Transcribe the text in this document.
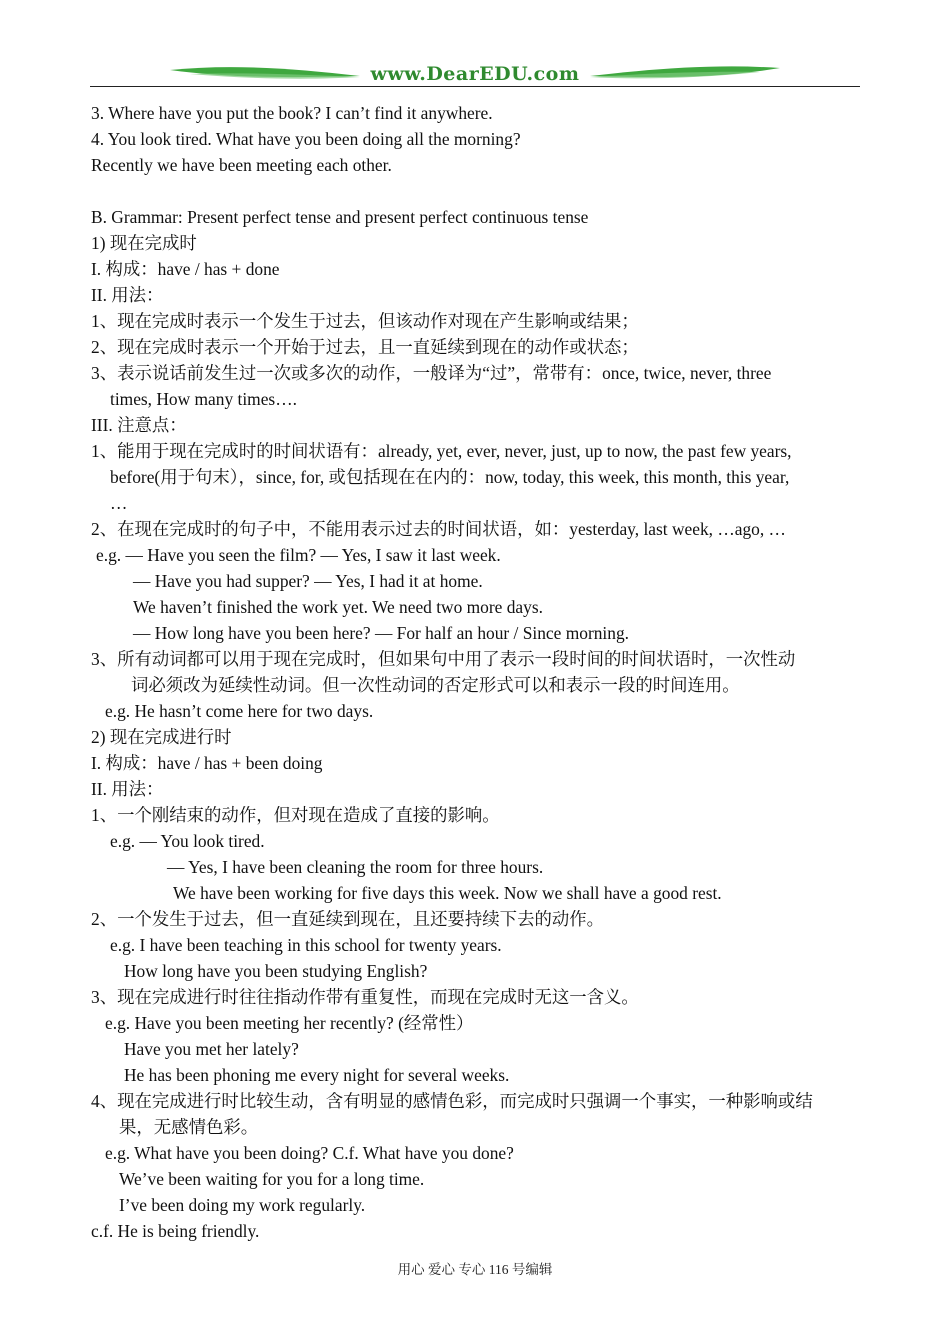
www.DearEDU.com
3. Where have you put the book? I can’t find it anywhere.
4. You look tired. What have you been doing all the morning?
Recently we have been meeting each other.
B. Grammar: Present perfect tense and present perfect continuous tense
1) 现在完成时
I. 构成：have / has + done
II. 用法：
1、现在完成时表示一个发生于过去，但该动作对现在产生影响或结果；
2、现在完成时表示一个开始于过去，且一直延续到现在的动作或状态；
3、表示说话前发生过一次或多次的动作，一般译为“过”，常带有：once, twice, never, three
times, How many times….
III. 注意点：
1、能用于现在完成时的时间状语有：already, yet, ever, never, just, up to now, the past few years,
before(用于句末），since, for, 或包括现在在内的：now, today, this week, this month, this year,
…
2、在现在完成时的句子中，不能用表示过去的时间状语，如：yesterday, last week, …ago, …
e.g. — Have you seen the film? — Yes, I saw it last week.
— Have you had supper? — Yes, I had it at home.
We haven’t finished the work yet. We need two more days.
— How long have you been here? — For half an hour / Since morning.
3、所有动词都可以用于现在完成时，但如果句中用了表示一段时间的时间状语时，一次性动
词必须改为延续性动词。但一次性动词的否定形式可以和表示一段的时间连用。
e.g. He hasn’t come here for two days.
2) 现在完成进行时
I. 构成：have / has + been doing
II. 用法：
1、一个刚结束的动作，但对现在造成了直接的影响。
e.g. — You look tired.
— Yes, I have been cleaning the room for three hours.
We have been working for five days this week. Now we shall have a good rest.
2、一个发生于过去，但一直延续到现在，且还要持续下去的动作。
e.g. I have been teaching in this school for twenty years.
How long have you been studying English?
3、现在完成进行时往往指动作带有重复性，而现在完成时无这一含义。
e.g. Have you been meeting her recently? (经常性）
Have you met her lately?
He has been phoning me every night for several weeks.
4、现在完成进行时比较生动，含有明显的感情色彩，而完成时只强调一个事实，一种影响或结
果，无感情色彩。
e.g. What have you been doing? C.f. What have you done?
We’ve been waiting for you for a long time.
I’ve been doing my work regularly.
c.f. He is being friendly.
用心 爱心 专心 116 号编辑
